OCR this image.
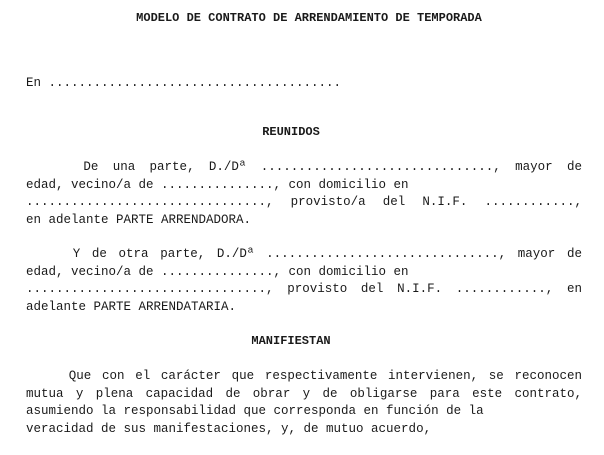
MODELO DE CONTRATO DE ARRENDAMIENTO DE TEMPORADA
En .......................................
REUNIDOS
De una parte, D./Dª ..............................., mayor de
edad, vecino/a de ..............., con domicilio en
................................, provisto/a del N.I.F. ............,
en adelante PARTE ARRENDADORA.
Y de otra parte, D./Dª ..............................., mayor de
edad, vecino/a de ..............., con domicilio en
................................, provisto del N.I.F. ............, en
adelante PARTE ARRENDATARIA.
MANIFIESTAN
Que con el carácter que respectivamente intervienen, se reconocen
mutua y plena capacidad de obrar y de obligarse para este contrato,
asumiendo la responsabilidad que corresponda en función de la
veracidad de sus manifestaciones, y, de mutuo acuerdo,
